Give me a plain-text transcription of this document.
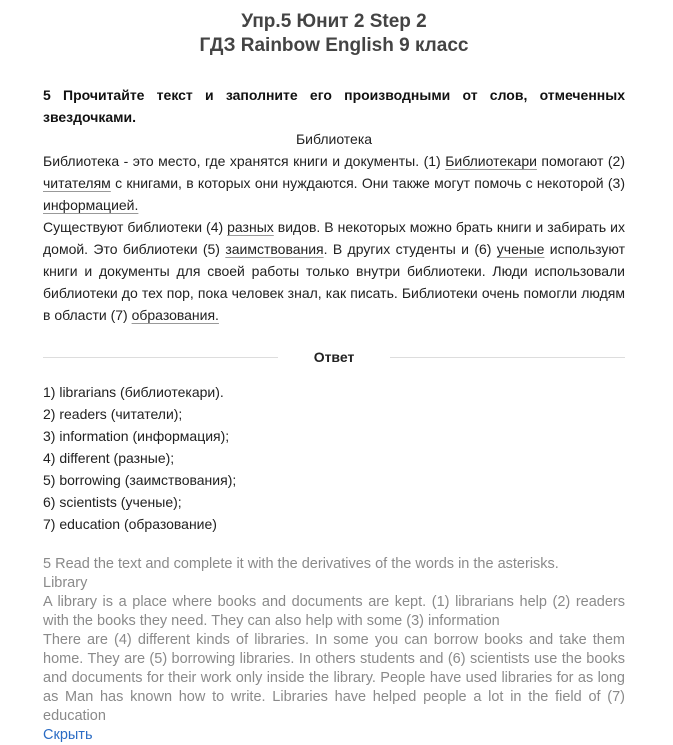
Упр.5 Юнит 2 Step 2
ГДЗ Rainbow English 9 класс
5 Прочитайте текст и заполните его производными от слов, отмеченных звездочками.
Библиотека
Библиотека - это место, где хранятся книги и документы. (1) Библиотекари помогают (2) читателям с книгами, в которых они нуждаются. Они также могут помочь с некоторой (3) информацией.
Существуют библиотеки (4) разных видов. В некоторых можно брать книги и забирать их домой. Это библиотеки (5) заимствования. В других студенты и (6) ученые используют книги и документы для своей работы только внутри библиотеки. Люди использовали библиотеки до тех пор, пока человек знал, как писать. Библиотеки очень помогли людям в области (7) образования.
Ответ
1) librarians (библиотекари).
2) readers (читатели);
3) information (информация);
4) different (разные);
5) borrowing (заимствования);
6) scientists (ученые);
7) education (образование)

5 Read the text and complete it with the derivatives of the words in the asterisks.

Library

A library is a place where books and documents are kept. (1) librarians help (2) readers with the books they need. They can also help with some (3) information

There are (4) different kinds of libraries. In some you can borrow books and take them home. They are (5) borrowing libraries. In others students and (6) scientists use the books and documents for their work only inside the library. People have used libraries for as long as Man has known how to write. Libraries have helped people a lot in the field of (7) education

Скрыть
